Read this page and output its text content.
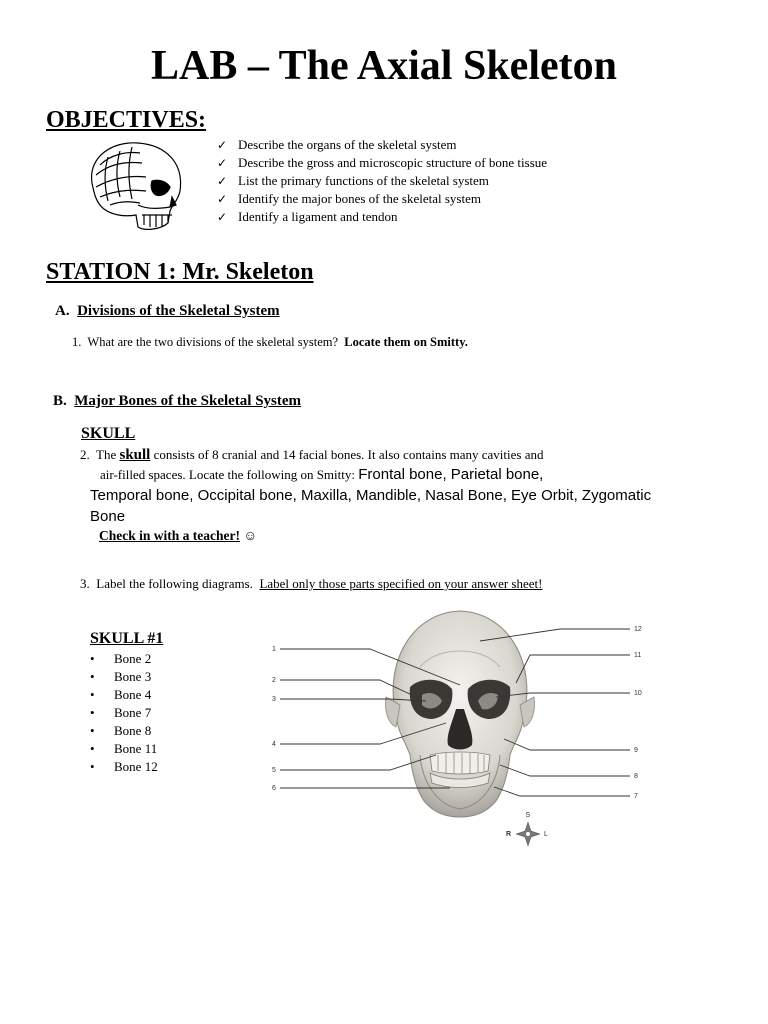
LAB – The Axial Skeleton
OBJECTIVES:
✓ Describe the organs of the skeletal system
✓ Describe the gross and microscopic structure of bone tissue
✓ List the primary functions of the skeletal system
✓ Identify the major bones of the skeletal system
✓ Identify a ligament and tendon
STATION 1: Mr. Skeleton
A. Divisions of the Skeletal System
1. What are the two divisions of the skeletal system? Locate them on Smitty.
B. Major Bones of the Skeletal System
SKULL
2. The skull consists of 8 cranial and 14 facial bones. It also contains many cavities and
air-filled spaces. Locate the following on Smitty: Frontal bone, Parietal bone,
Temporal bone, Occipital bone, Maxilla, Mandible, Nasal Bone, Eye Orbit, Zygomatic
Bone
Check in with a teacher! ☺
3. Label the following diagrams. Label only those parts specified on your answer sheet!
SKULL #1
• Bone 2
• Bone 3
• Bone 4
• Bone 7
• Bone 8
• Bone 11
• Bone 12
1
2
3
4
5
6
12
11
10
9
8
7
S
R	L
